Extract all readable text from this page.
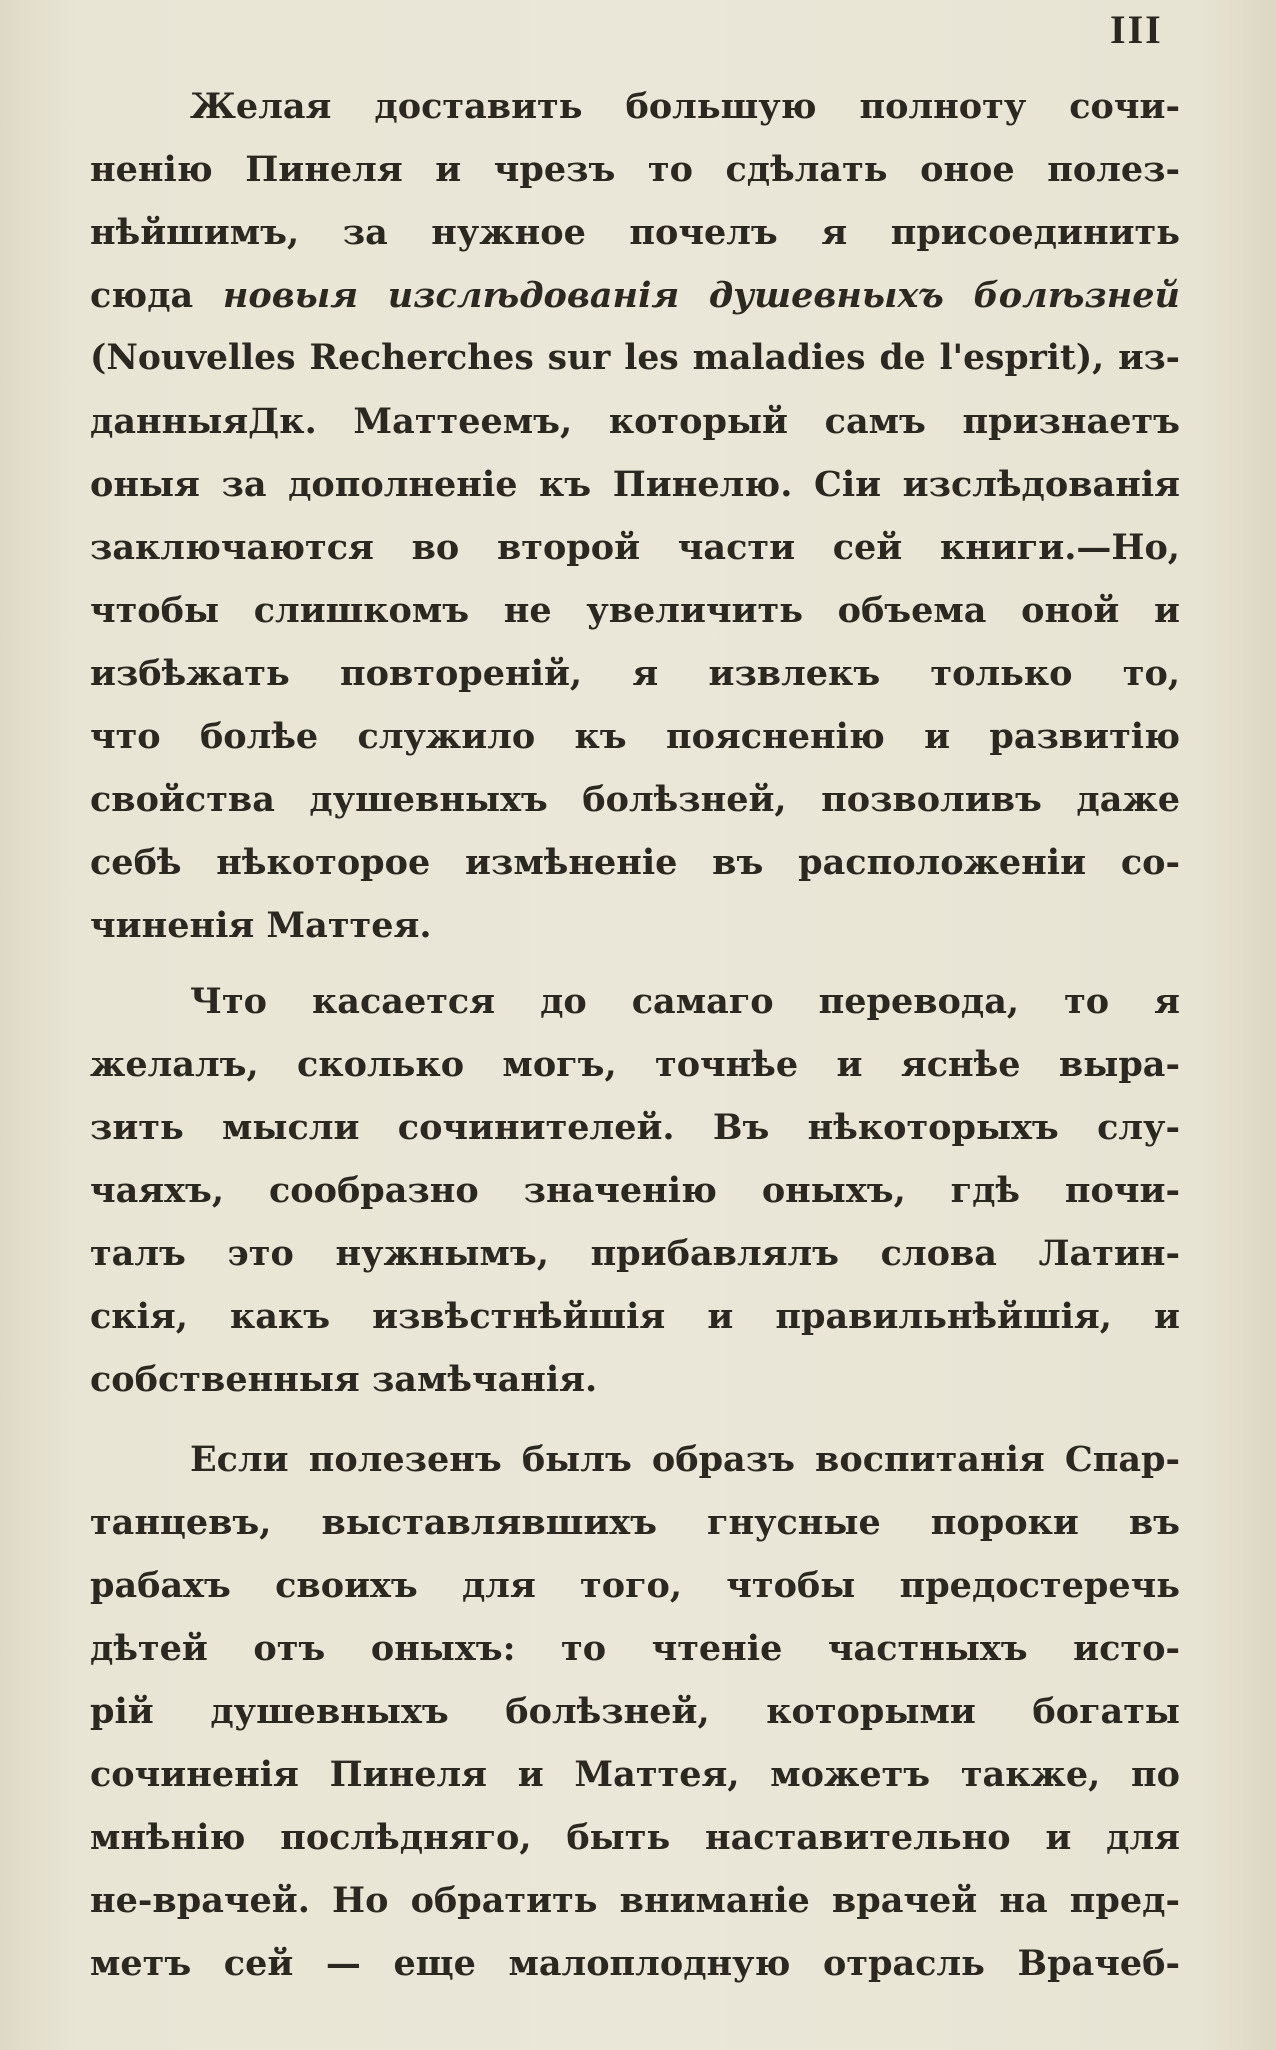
III
Желая доставить большую полноту сочи-
ненію Пинеля и чрезъ то сдѣлать оное полез-
нѣйшимъ, за нужное почелъ я присоединить
сюда новыя изслѣдованія душевныхъ болѣзней
(Nouvelles Recherches sur les maladies de l'esprit), из-
данныяДк. Маттеемъ, который самъ признаетъ
оныя за дополненіе къ Пинелю. Сіи изслѣдованія
заключаются во второй части сей книги.—Но,
чтобы слишкомъ не увеличить объема оной и
избѣжать повтореній, я извлекъ только то,
что болѣе служило къ поясненію и развитію
свойства душевныхъ болѣзней, позволивъ даже
себѣ нѣкоторое измѣненіе въ расположеніи со-
чиненія Маттея.
Что касается до самаго перевода, то я
желалъ, сколько могъ, точнѣе и яснѣе выра-
зить мысли сочинителей. Въ нѣкоторыхъ слу-
чаяхъ, сообразно значенію оныхъ, гдѣ почи-
талъ это нужнымъ, прибавлялъ слова Латин-
скія, какъ извѣстнѣйшія и правильнѣйшія, и
собственныя замѣчанія.
Если полезенъ былъ образъ воспитанія Спар-
танцевъ, выставлявшихъ гнусные пороки въ
рабахъ своихъ для того, чтобы предостеречь
дѣтей отъ оныхъ: то чтеніе частныхъ исто-
рій душевныхъ болѣзней, которыми богаты
сочиненія Пинеля и Маттея, можетъ также, по
мнѣнію послѣдняго, быть наставительно и для
не-врачей. Но обратить вниманіе врачей на пред-
метъ сей — еще малоплодную отрасль Врачеб-
